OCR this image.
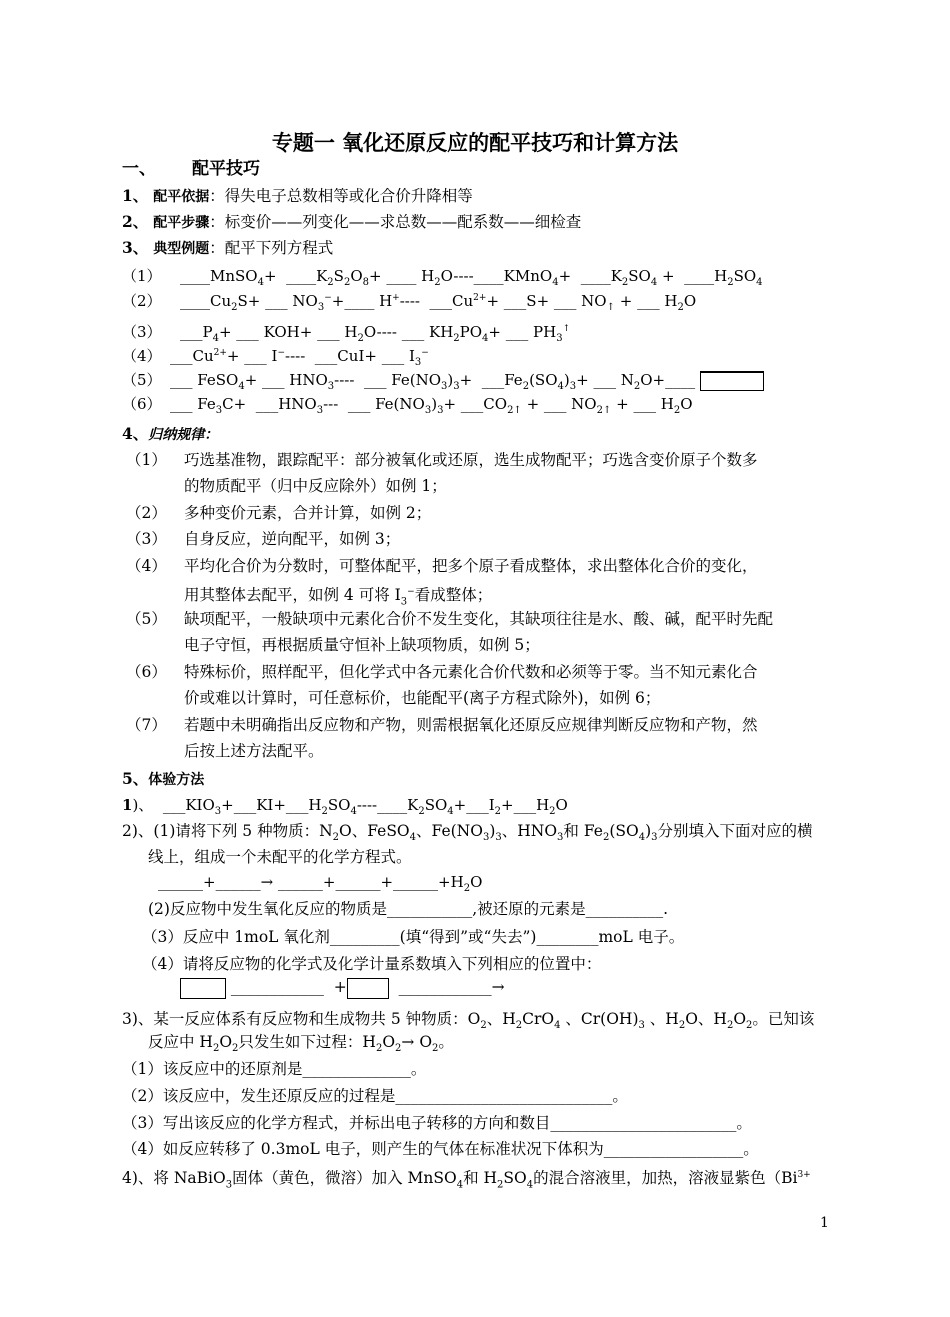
专题一 氧化还原反应的配平技巧和计算方法
一、 配平技巧
1、 配平依据：得失电子总数相等或化合价升降相等
2、 配平步骤：标变价——列变化——求总数——配系数——细检查
3、 典型例题：配平下列方程式
（1） ____MnSO$_4$+  $\_\_\_\_K_2S_2O_8+$ ____ $H_2O----\_\_\_\_KMnO_4+$  $\_\_\_\_K_2SO_4$ +  $\_\_\_\_H_2SO_4$
（2） $\_\_\_\_Cu_2S+$ ___ $NO_3^-+\_\_\_\_$ H+----  $\_\_\_Cu^{2+}+$ ___S+ ___ $NO_↑$ + ___ $H_2O$
（3） $\_\_\_P_4+$ ___ KOH+ ___ $H_2O----$ ___ $KH_2PO_4+$ ___ $PH_3^↑$
（4） $\_\_\_Cu^{2+}+$ ___ I−----  ___CuI+ ___ $I_3^-$
（5） ___ FeSO$_4$+ ___ $HNO_3----$  ___ $Fe(NO_3)_3+$  $\_\_\_Fe_2(SO_4)_3+$ ___ $N_2O+\_\_\_\_$
（6） ___ $Fe_3C+$  $\_\_\_HNO_3---$  ___ $Fe(NO_3)_3+$ $\_\_\_CO_{2↑}$ + ___ $NO_{2↑}$ + ___ $H_2O$
4、归纳规律：
（1） 巧选基准物，跟踪配平：部分被氧化或还原，选生成物配平；巧选含变价原子个数多
的物质配平（归中反应除外）如例 1；
（2） 多种变价元素，合并计算，如例 2；
（3） 自身反应，逆向配平，如例 3；
（4） 平均化合价为分数时，可整体配平，把多个原子看成整体，求出整体化合价的变化，
用其整体去配平，如例 4 可将 $I_3^-$看成整体；
（5） 缺项配平，一般缺项中元素化合价不发生变化，其缺项往往是水、酸、碱，配平时先配
电子守恒，再根据质量守恒补上缺项物质，如例 5；
（6） 特殊标价，照样配平，但化学式中各元素化合价代数和必须等于零。当不知元素化合
价或难以计算时，可任意标价，也能配平(离子方程式除外)，如例 6；
（7） 若题中未明确指出反应物和产物，则需根据氧化还原反应规律判断反应物和产物，然
后按上述方法配平。
5、体验方法
1)、  $\_\_\_KIO_3+\_\_\_KI+\_\_\_H_2SO_4----\_\_\_\_K_2SO_4+\_\_\_I_2+\_\_\_H_2O$
2)、(1)请将下列 5 种物质：$N_2O$、FeSO$_4$、$Fe(NO_3)_3$、$HNO_3$和 $Fe_2(SO_4)_3$分别填入下面对应的横
线上，组成一个未配平的化学方程式。
______+______→ $\_\_\_\_\_\_+\_\_\_\_\_\_+\_\_\_\_\_\_+H_2O$
(2)反应物中发生氧化反应的物质是___________,被还原的元素是__________.
（3）反应中 1moL 氧化剂_________(填“得到”或“失去”)________moL 电子。
（4）请将反应物的化学式及化学计量系数填入下列相应的位置中：
____________  +	____________→
3)、某一反应体系有反应物和生成物共 5 钟物质：$O_2$、$H_2CrO_4$ 、$Cr(OH)_3$ 、$H_2O$、$H_2O_2$。已知该
反应中 $H_2O_2$只发生如下过程：$H_2O_2\to O_2$。
（1）该反应中的还原剂是______________。
（2）该反应中，发生还原反应的过程是____________________________。
（3）写出该反应的化学方程式，并标出电子转移的方向和数目________________________。
（4）如反应转移了 0.3moL 电子，则产生的气体在标准状况下体积为__________________。
4)、将 NaBiO$_3$固体（黄色，微溶）加入 MnSO$_4$和 $H_2SO_4$的混合溶液里，加热，溶液显紫色（$Bi^{3+}$
1
